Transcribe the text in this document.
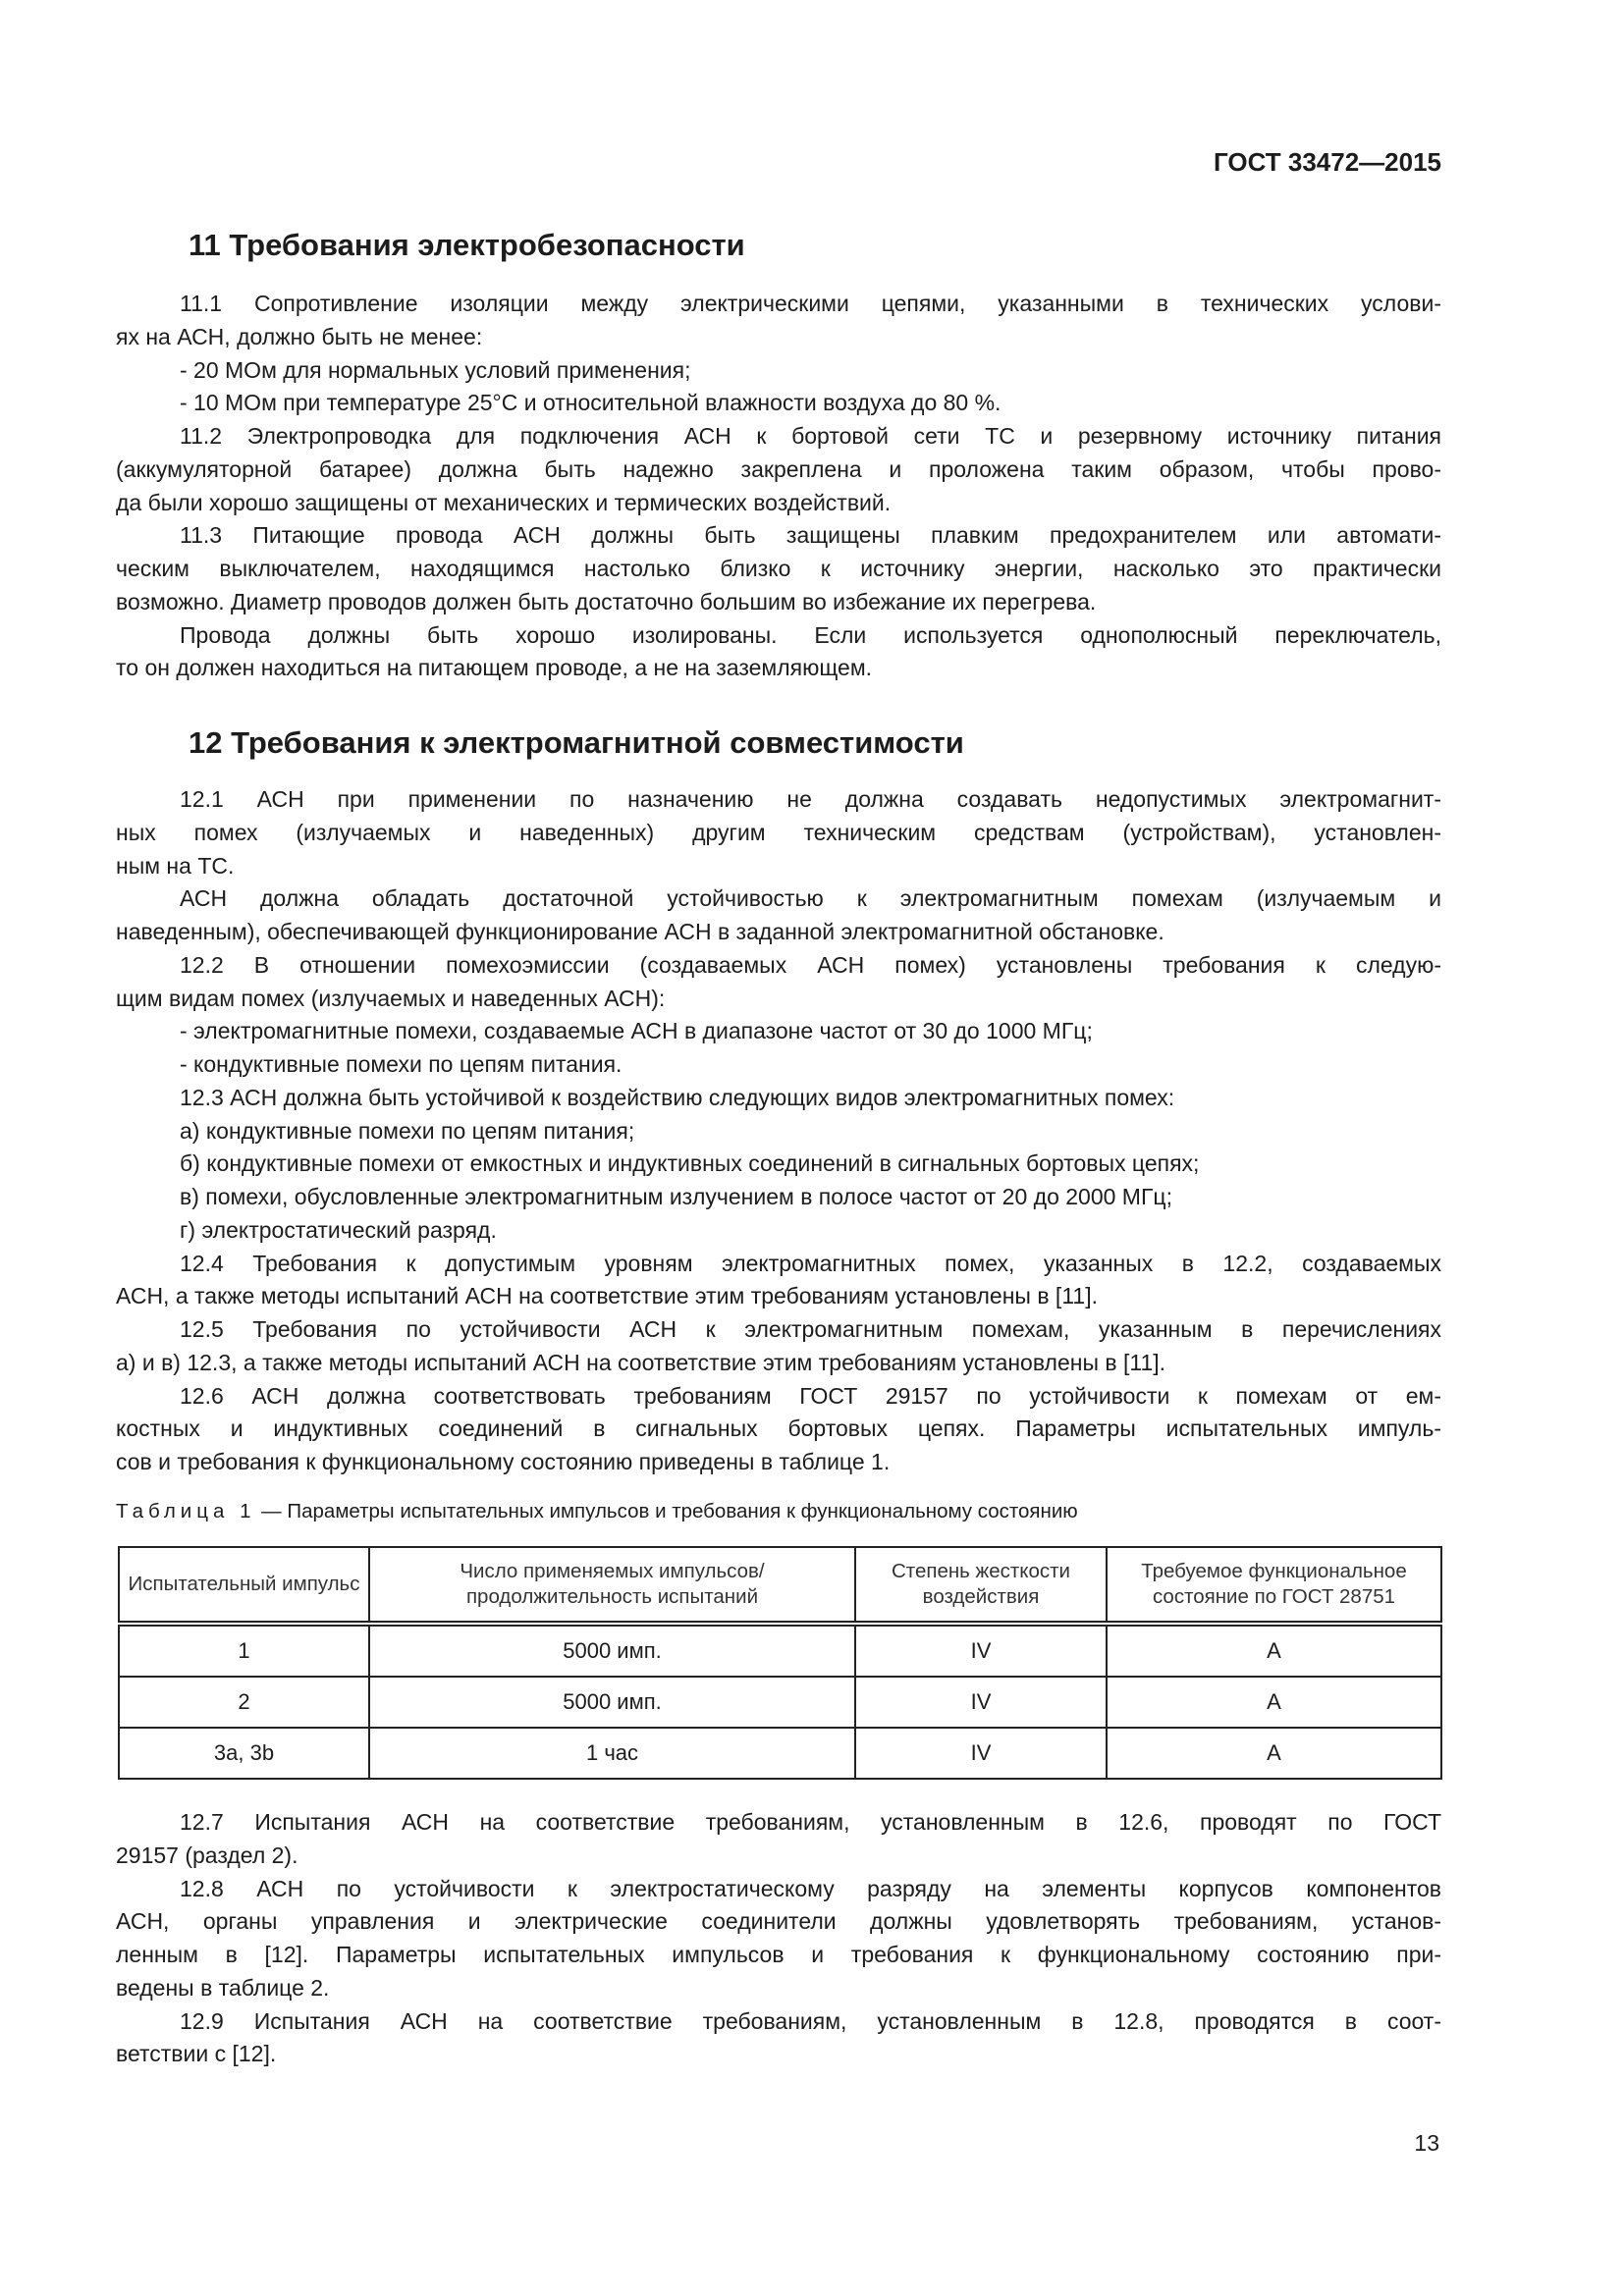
ГОСТ 33472—2015
11 Требования электробезопасности
11.1 Сопротивление изоляции между электрическими цепями, указанными в технических услови-
ях на АСН, должно быть не менее:
- 20 МОм для нормальных условий применения;
- 10 МОм при температуре 25°С и относительной влажности воздуха до 80 %.
11.2 Электропроводка для подключения АСН к бортовой сети ТС и резервному источнику питания
(аккумуляторной батарее) должна быть надежно закреплена и проложена таким образом, чтобы прово-
да были хорошо защищены от механических и термических воздействий.
11.3 Питающие провода АСН должны быть защищены плавким предохранителем или автомати-
ческим выключателем, находящимся настолько близко к источнику энергии, насколько это практически
возможно. Диаметр проводов должен быть достаточно большим во избежание их перегрева.
Провода должны быть хорошо изолированы. Если используется однополюсный переключатель,
то он должен находиться на питающем проводе, а не на заземляющем.
12 Требования к электромагнитной совместимости
12.1 АСН при применении по назначению не должна создавать недопустимых электромагнит-
ных помех (излучаемых и наведенных) другим техническим средствам (устройствам), установлен-
ным на ТС.
АСН должна обладать достаточной устойчивостью к электромагнитным помехам (излучаемым и
наведенным), обеспечивающей функционирование АСН в заданной электромагнитной обстановке.
12.2 В отношении помехоэмиссии (создаваемых АСН помех) установлены требования к следую-
щим видам помех (излучаемых и наведенных АСН):
- электромагнитные помехи, создаваемые АСН в диапазоне частот от 30 до 1000 МГц;
- кондуктивные помехи по цепям питания.
12.3 АСН должна быть устойчивой к воздействию следующих видов электромагнитных помех:
а) кондуктивные помехи по цепям питания;
б) кондуктивные помехи от емкостных и индуктивных соединений в сигнальных бортовых цепях;
в) помехи, обусловленные электромагнитным излучением в полосе частот от 20 до 2000 МГц;
г) электростатический разряд.
12.4 Требования к допустимым уровням электромагнитных помех, указанных в 12.2, создаваемых
АСН, а также методы испытаний АСН на соответствие этим требованиям установлены в [11].
12.5 Требования по устойчивости АСН к электромагнитным помехам, указанным в перечислениях
а) и в) 12.3, а также методы испытаний АСН на соответствие этим требованиям установлены в [11].
12.6 АСН должна соответствовать требованиям ГОСТ 29157 по устойчивости к помехам от ем-
костных и индуктивных соединений в сигнальных бортовых цепях. Параметры испытательных импуль-
сов и требования к функциональному состоянию приведены в таблице 1.
Таблица 1 — Параметры испытательных импульсов и требования к функциональному состоянию
Испытательный импульс	Число применяемых импульсов/продолжительность испытаний	Степень жесткости воздействия	Требуемое функциональное состояние по ГОСТ 28751
1	5000 имп.	IV	А
2	5000 имп.	IV	А
3а, 3b	1 час	IV	А
12.7 Испытания АСН на соответствие требованиям, установленным в 12.6, проводят по ГОСТ
29157 (раздел 2).
12.8 АСН по устойчивости к электростатическому разряду на элементы корпусов компонентов
АСН, органы управления и электрические соединители должны удовлетворять требованиям, установ-
ленным в [12]. Параметры испытательных импульсов и требования к функциональному состоянию при-
ведены в таблице 2.
12.9 Испытания АСН на соответствие требованиям, установленным в 12.8, проводятся в соот-
ветствии с [12].
13
